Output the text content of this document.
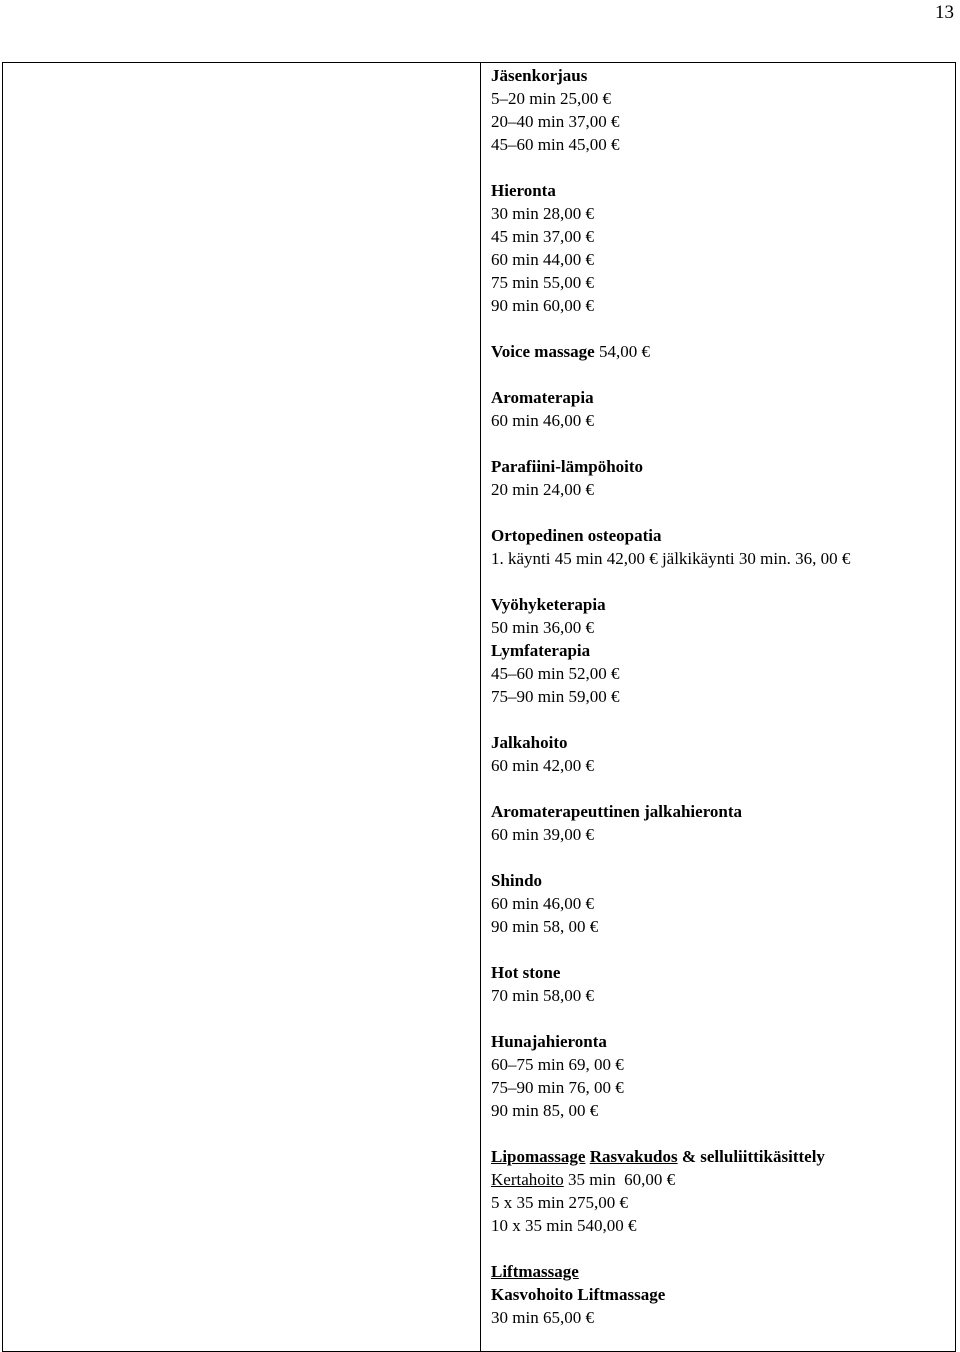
13
Jäsenkorjaus
5–20 min 25,00 €
20–40 min 37,00 €
45–60 min 45,00 €
Hieronta
30 min 28,00 €
45 min 37,00 €
60 min 44,00 €
75 min 55,00 €
90 min 60,00 €
Voice massage 54,00 €
Aromaterapia
60 min 46,00 €
Parafiini-lämpöhoito
20 min 24,00 €
Ortopedinen osteopatia
1. käynti 45 min 42,00 € jälkikäynti 30 min. 36, 00 €
Vyöhyketerapia
50 min 36,00 €
Lymfaterapia
45–60 min 52,00 €
75–90 min 59,00 €
Jalkahoito
60 min 42,00 €
Aromaterapeuttinen jalkahieronta
60 min 39,00 €
Shindo
60 min 46,00 €
90 min 58, 00 €
Hot stone
70 min 58,00 €
Hunajahieronta
60–75 min 69, 00 €
75–90 min 76, 00 €
90 min 85, 00 €
Lipomassage Rasvakudos & selluliittikäsittely
Kertahoito 35 min  60,00 €
5 x 35 min 275,00 €
10 x 35 min 540,00 €
Liftmassage
Kasvohoito Liftmassage
30 min 65,00 €
